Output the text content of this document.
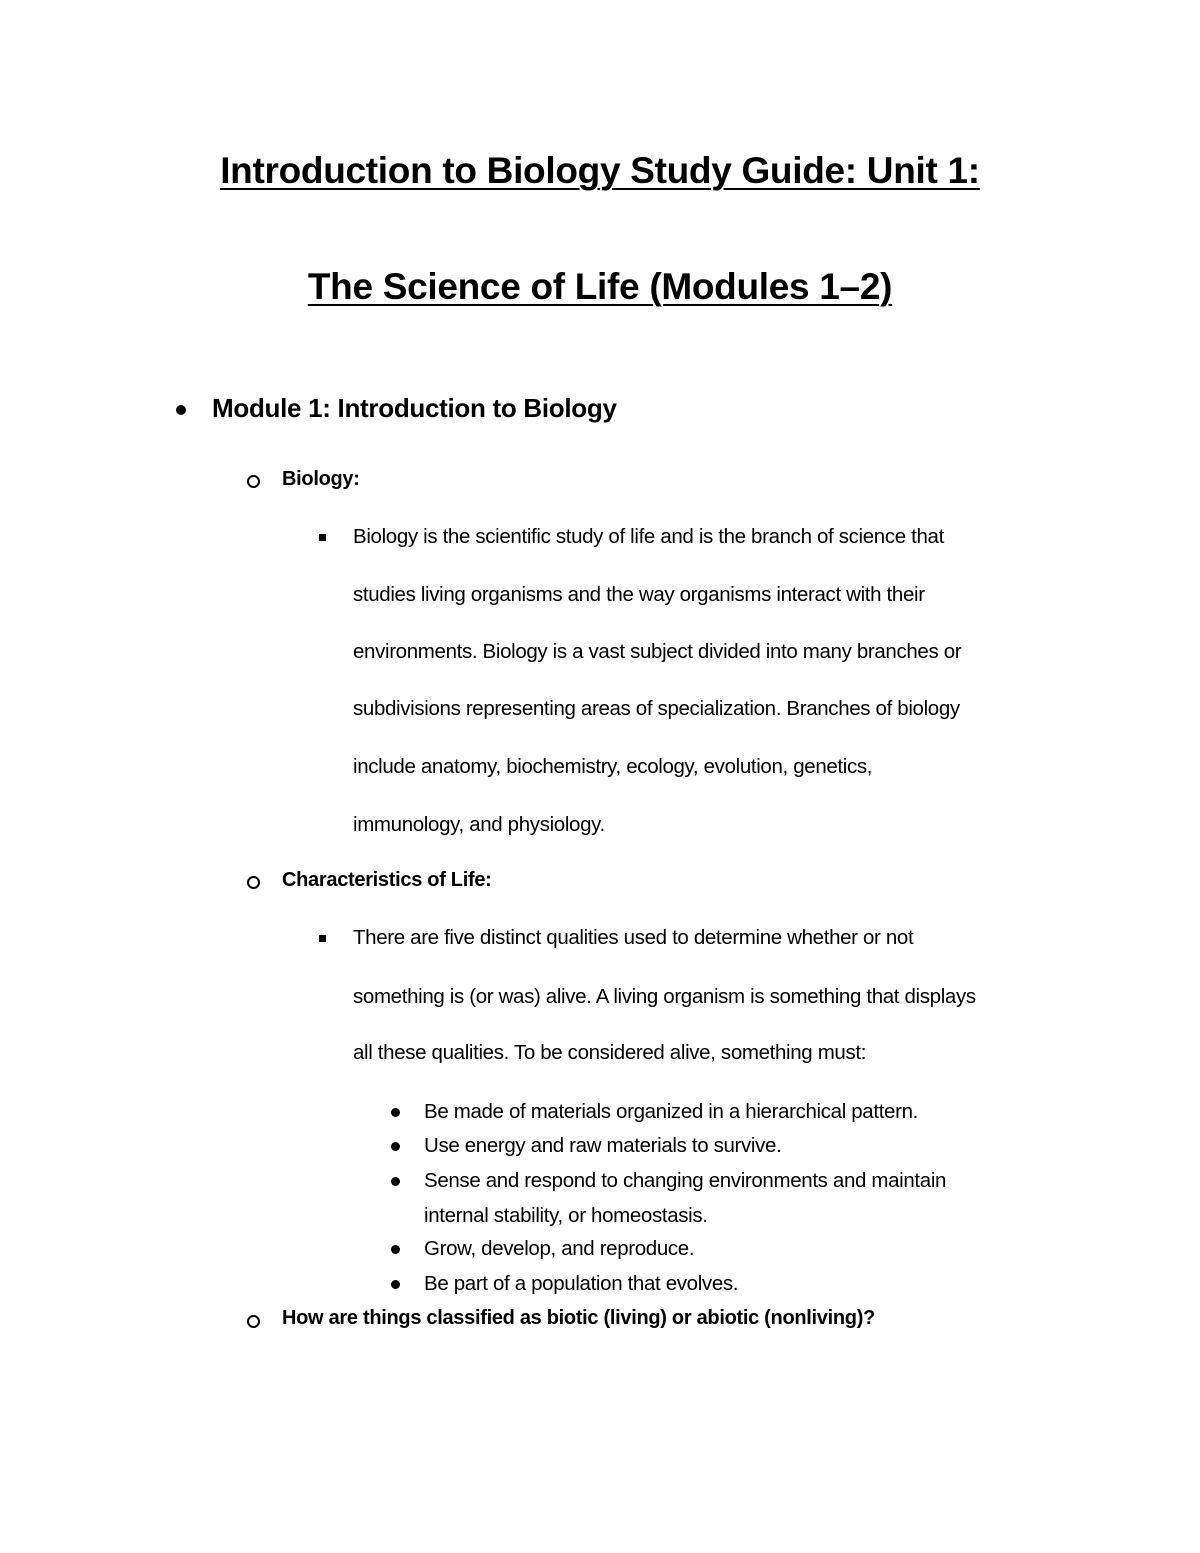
Introduction to Biology Study Guide: Unit 1:
The Science of Life (Modules 1–2)
Module 1: Introduction to Biology
Biology:
Biology is the scientific study of life and is the branch of science that
studies living organisms and the way organisms interact with their
environments. Biology is a vast subject divided into many branches or
subdivisions representing areas of specialization. Branches of biology
include anatomy, biochemistry, ecology, evolution, genetics,
immunology, and physiology.
Characteristics of Life:
There are five distinct qualities used to determine whether or not
something is (or was) alive. A living organism is something that displays
all these qualities. To be considered alive, something must:
Be made of materials organized in a hierarchical pattern.
Use energy and raw materials to survive.
Sense and respond to changing environments and maintain
internal stability, or homeostasis.
Grow, develop, and reproduce.
Be part of a population that evolves.
How are things classified as biotic (living) or abiotic (nonliving)?
